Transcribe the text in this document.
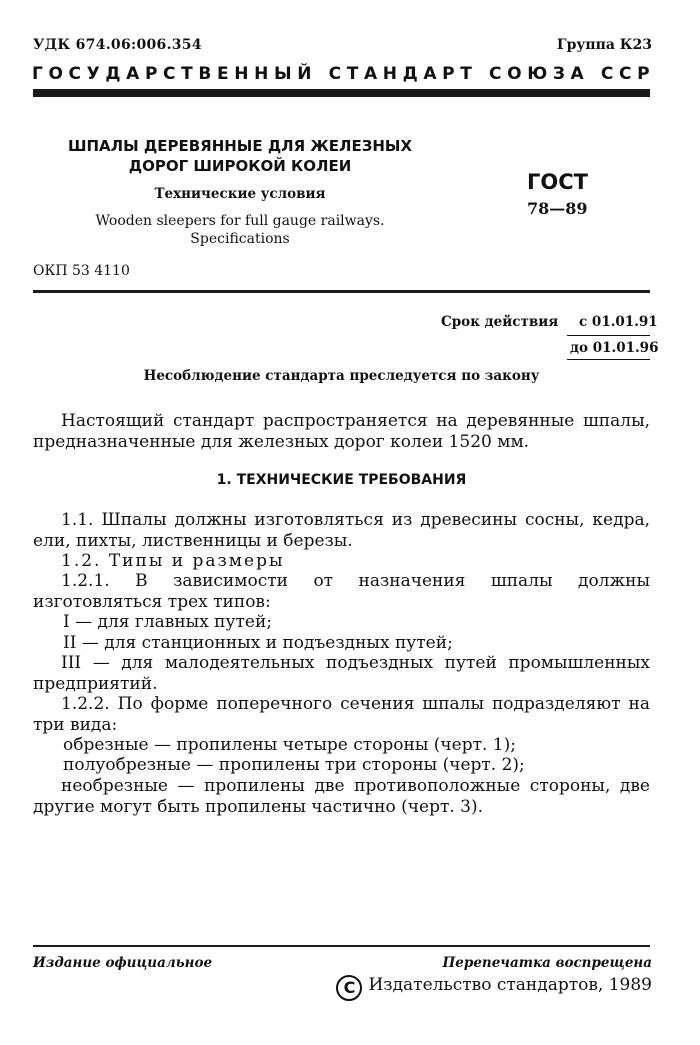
УДК 674.06:006.354	Группа К23
Г О С У Д А Р С Т В Е Н Н Ы Й
С Т А Н Д А Р Т
С О Ю З А
С С Р
ШПАЛЫ ДЕРЕВЯННЫЕ ДЛЯ ЖЕЛЕЗНЫХ
ДОРОГ ШИРОКОЙ КОЛЕИ
Технические условия
Wooden sleepers for full gauge railways.
Specifications
ГОСТ
78—89
ОКП 53 4110
Срок действия с 01.01.91
до 01.01.96
Несоблюдение стандарта преследуется по закону
Настоящий стандарт распространяется на деревянные шпалы, предназначенные для железных дорог колеи 1520 мм.
1. ТЕХНИЧЕСКИЕ ТРЕБОВАНИЯ
1.1. Шпалы должны изготовляться из древесины сосны, кедра, ели, пихты, лиственницы и березы.
1.2. Типы и размеры
1.2.1. В зависимости от назначения шпалы должны изготовляться трех типов:
I — для главных путей;
II — для станционных и подъездных путей;
III — для малодеятельных подъездных путей промышленных предприятий.
1.2.2. По форме поперечного сечения шпалы подразделяют на три вида:
обрезные — пропилены четыре стороны (черт. 1);
полуобрезные — пропилены три стороны (черт. 2);
необрезные — пропилены две противоположные стороны, две другие могут быть пропилены частично (черт. 3).
Издание официальное	Перепечатка воспрещена
C Издательство стандартов, 1989
